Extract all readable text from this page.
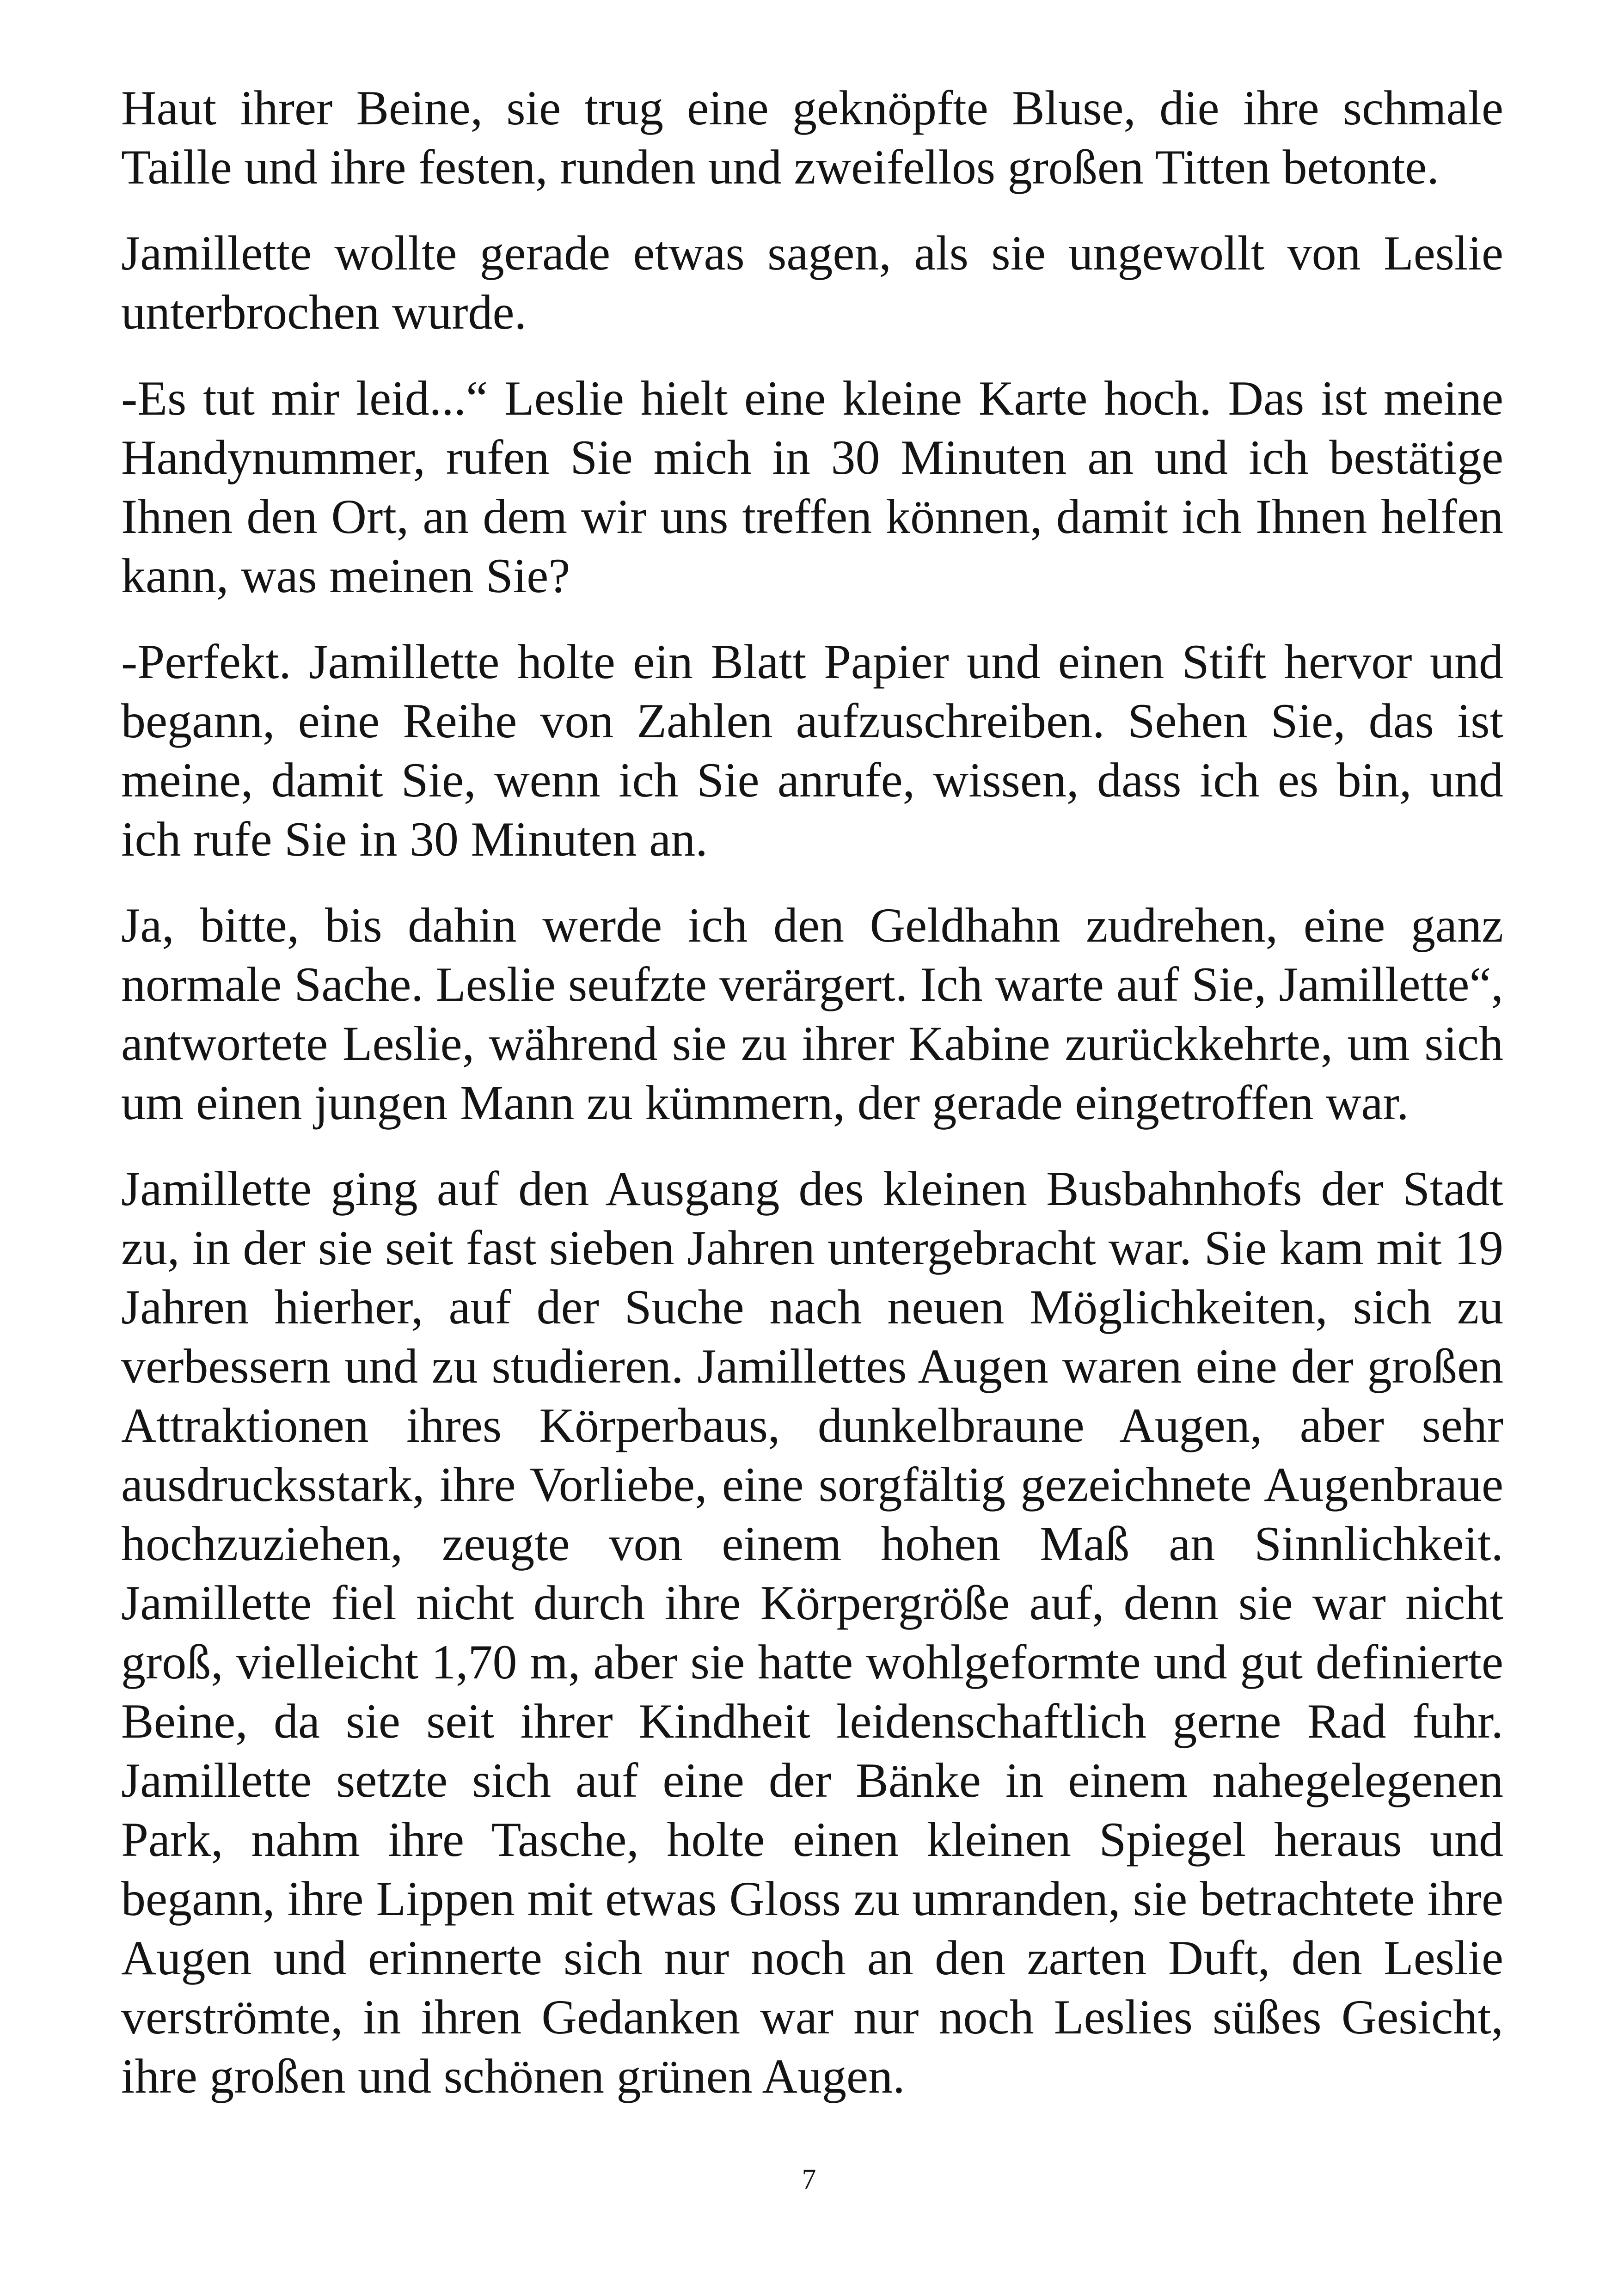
Haut ihrer Beine, sie trug eine geknöpfte Bluse, die ihre schmale Taille und ihre festen, runden und zweifellos großen Titten betonte.

Jamillette wollte gerade etwas sagen, als sie ungewollt von Leslie unterbrochen wurde.

-Es tut mir leid...“ Leslie hielt eine kleine Karte hoch. Das ist meine Handynummer, rufen Sie mich in 30 Minuten an und ich bestätige Ihnen den Ort, an dem wir uns treffen können, damit ich Ihnen helfen kann, was meinen Sie?

-Perfekt. Jamillette holte ein Blatt Papier und einen Stift hervor und begann, eine Reihe von Zahlen aufzuschreiben. Sehen Sie, das ist meine, damit Sie, wenn ich Sie anrufe, wissen, dass ich es bin, und ich rufe Sie in 30 Minuten an.

Ja, bitte, bis dahin werde ich den Geldhahn zudrehen, eine ganz normale Sache. Leslie seufzte verärgert. Ich warte auf Sie, Jamillette“, antwortete Leslie, während sie zu ihrer Kabine zurückkehrte, um sich um einen jungen Mann zu kümmern, der gerade eingetroffen war.

Jamillette ging auf den Ausgang des kleinen Busbahnhofs der Stadt zu, in der sie seit fast sieben Jahren untergebracht war. Sie kam mit 19 Jahren hierher, auf der Suche nach neuen Möglichkeiten, sich zu verbessern und zu studieren. Jamillettes Augen waren eine der großen Attraktionen ihres Körperbaus, dunkelbraune Augen, aber sehr ausdrucksstark, ihre Vorliebe, eine sorgfältig gezeichnete Augenbraue hochzuziehen, zeugte von einem hohen Maß an Sinnlichkeit. Jamillette fiel nicht durch ihre Körpergröße auf, denn sie war nicht groß, vielleicht 1,70 m, aber sie hatte wohlgeformte und gut definierte Beine, da sie seit ihrer Kindheit leidenschaftlich gerne Rad fuhr. Jamillette setzte sich auf eine der Bänke in einem nahegelegenen Park, nahm ihre Tasche, holte einen kleinen Spiegel heraus und begann, ihre Lippen mit etwas Gloss zu umranden, sie betrachtete ihre Augen und erinnerte sich nur noch an den zarten Duft, den Leslie verströmte, in ihren Gedanken war nur noch Leslies süßes Gesicht, ihre großen und schönen grünen Augen.

7
